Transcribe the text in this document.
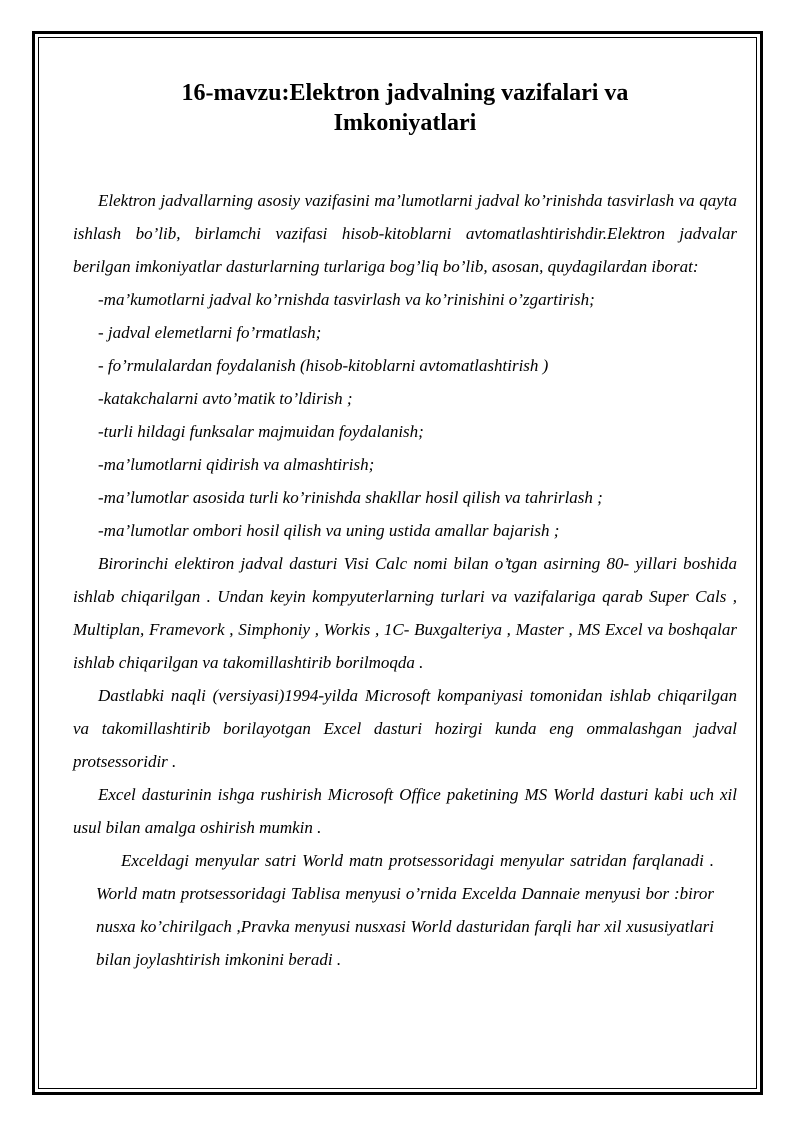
16-mavzu:Elektron jadvalning vazifalari va
Imkoniyatlari

Elektron jadvallarning asosiy vazifasini ma’lumotlarni jadval ko’rinishda tasvirlash va qayta ishlash bo’lib, birlamchi vazifasi hisob-kitoblarni avtomatlashtirishdir.Elektron jadvalar berilgan imkoniyatlar dasturlarning turlariga bog’liq bo’lib, asosan, quydagilardan iborat:

-ma’kumotlarni jadval ko’rnishda tasvirlash va ko’rinishini o’zgartirish;

- jadval elemetlarni fo’rmatlash;

- fo’rmulalardan foydalanish (hisob-kitoblarni avtomatlashtirish )

-katakchalarni avto’matik to’ldirish ;

-turli hildagi funksalar majmuidan foydalanish;

-ma’lumotlarni qidirish va almashtirish;

-ma’lumotlar asosida turli ko’rinishda shakllar hosil qilish va tahrirlash ;

-ma’lumotlar ombori hosil qilish va uning ustida amallar bajarish ;

Birorinchi elektiron jadval dasturi Visi Calc nomi bilan o’tgan asirning 80- yillari boshida ishlab chiqarilgan . Undan keyin kompyuterlarning turlari va vazifalariga qarab Super Cals , Multiplan, Framevork , Simphoniy , Workis , 1C- Buxgalteriya , Master , MS Excel va boshqalar ishlab chiqarilgan va takomillashtirib borilmoqda .

Dastlabki naqli (versiyasi)1994-yilda Microsoft kompaniyasi tomonidan ishlab chiqarilgan va takomillashtirib borilayotgan Excel dasturi hozirgi kunda eng ommalashgan jadval protsessoridir .

Excel dasturinin ishga rushirish Microsoft Office paketining MS World dasturi kabi uch xil usul bilan amalga oshirish mumkin .

Exceldagi menyular satri World matn protsessoridagi menyular satridan farqlanadi . World matn protsessoridagi Tablisa menyusi o’rnida Excelda Dannaie menyusi bor :biror nusxa ko’chirilgach ,Pravka menyusi nusxasi World dasturidan farqli har xil xususiyatlari bilan joylashtirish imkonini beradi .
